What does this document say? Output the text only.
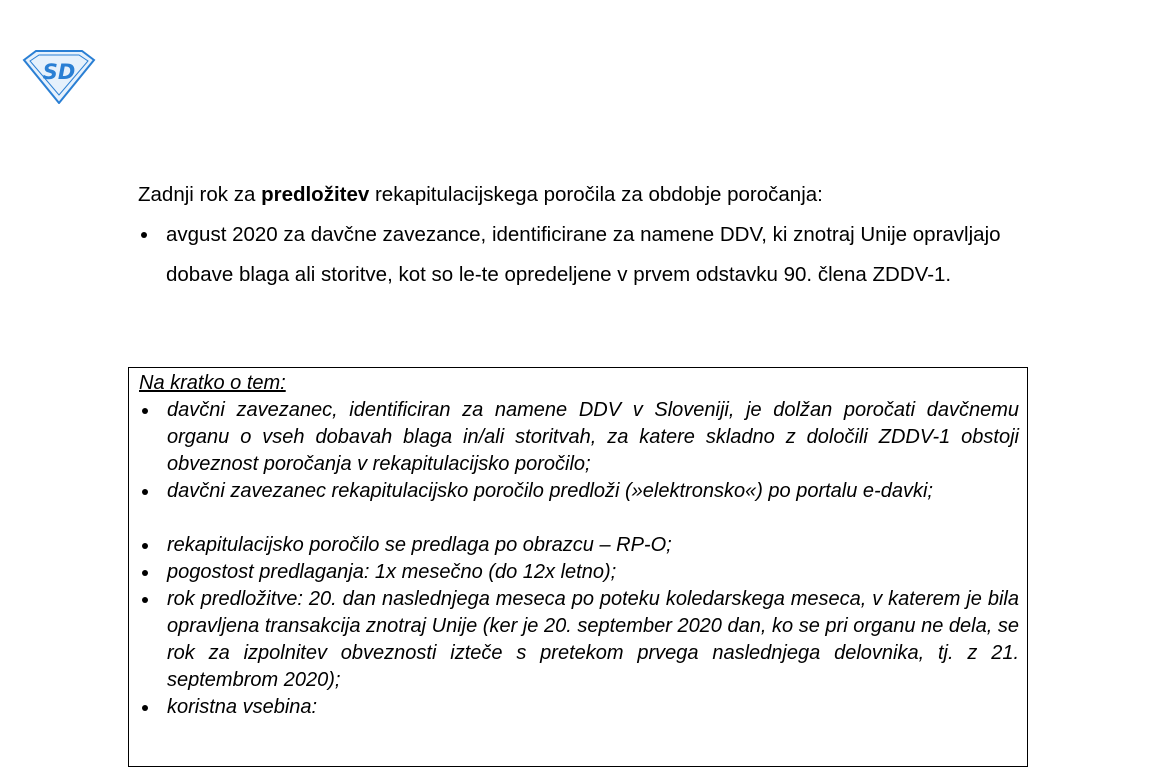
SD

Zadnji rok za predložitev rekapitulacijskega poročila za obdobje poročanja:

avgust 2020 za davčne zavezance, identificirane za namene DDV, ki znotraj Unije opravljajo dobave blaga ali storitve, kot so le-te opredeljene v prvem odstavku 90. člena ZDDV-1.

Na kratko o tem:

davčni zavezanec, identificiran za namene DDV v Sloveniji, je dolžan poročati davčnemu organu o vseh dobavah blaga in/ali storitvah, za katere skladno z določili ZDDV-1 obstoji obveznost poročanja v rekapitulacijsko poročilo;
davčni zavezanec rekapitulacijsko poročilo predloži (»elektronsko«) po portalu e-davki;
rekapitulacijsko poročilo se predlaga po obrazcu – RP-O;
pogostost predlaganja: 1x mesečno (do 12x letno);
rok predložitve: 20. dan naslednjega meseca po poteku koledarskega meseca, v katerem je bila opravljena transakcija znotraj Unije (ker je 20. september 2020 dan, ko se pri organu ne dela, se rok za izpolnitev obveznosti izteče s pretekom prvega naslednjega delovnika, tj. z 21. septembrom 2020);
koristna vsebina:
